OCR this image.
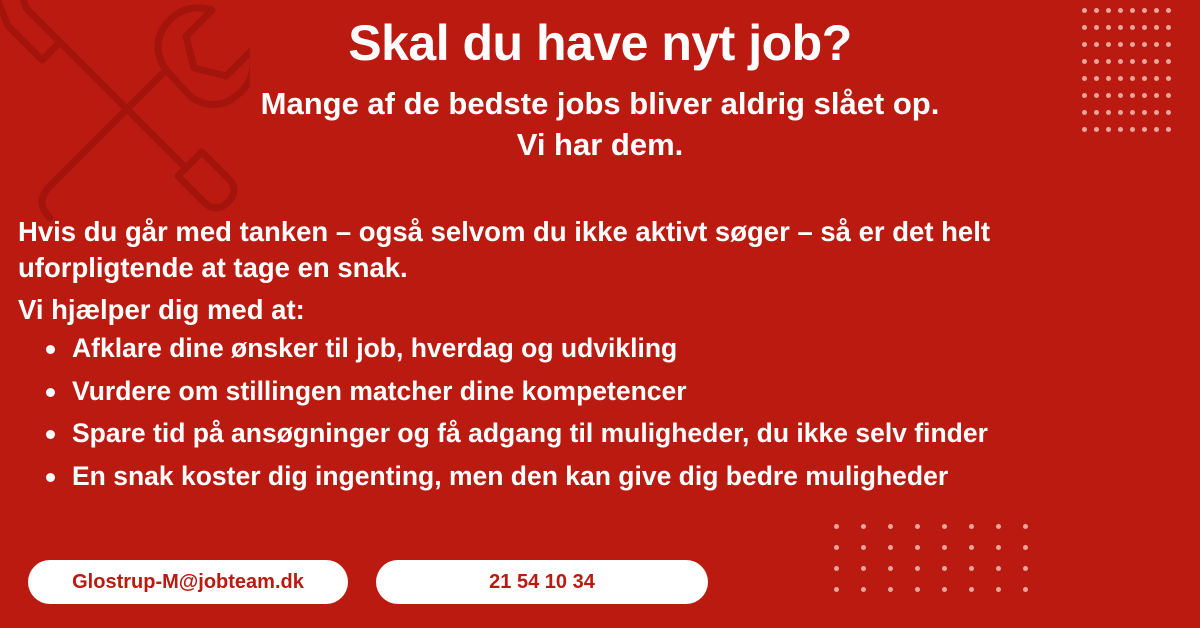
Skal du have nyt job?
Mange af de bedste jobs bliver aldrig slået op.
Vi har dem.

Hvis du går med tanken – også selvom du ikke aktivt søger – så er det helt uforpligtende at tage en snak.

Vi hjælper dig med at:

Afklare dine ønsker til job, hverdag og udvikling
Vurdere om stillingen matcher dine kompetencer
Spare tid på ansøgninger og få adgang til muligheder, du ikke selv finder
En snak koster dig ingenting, men den kan give dig bedre muligheder
Glostrup-M@jobteam.dk	21 54 10 34
